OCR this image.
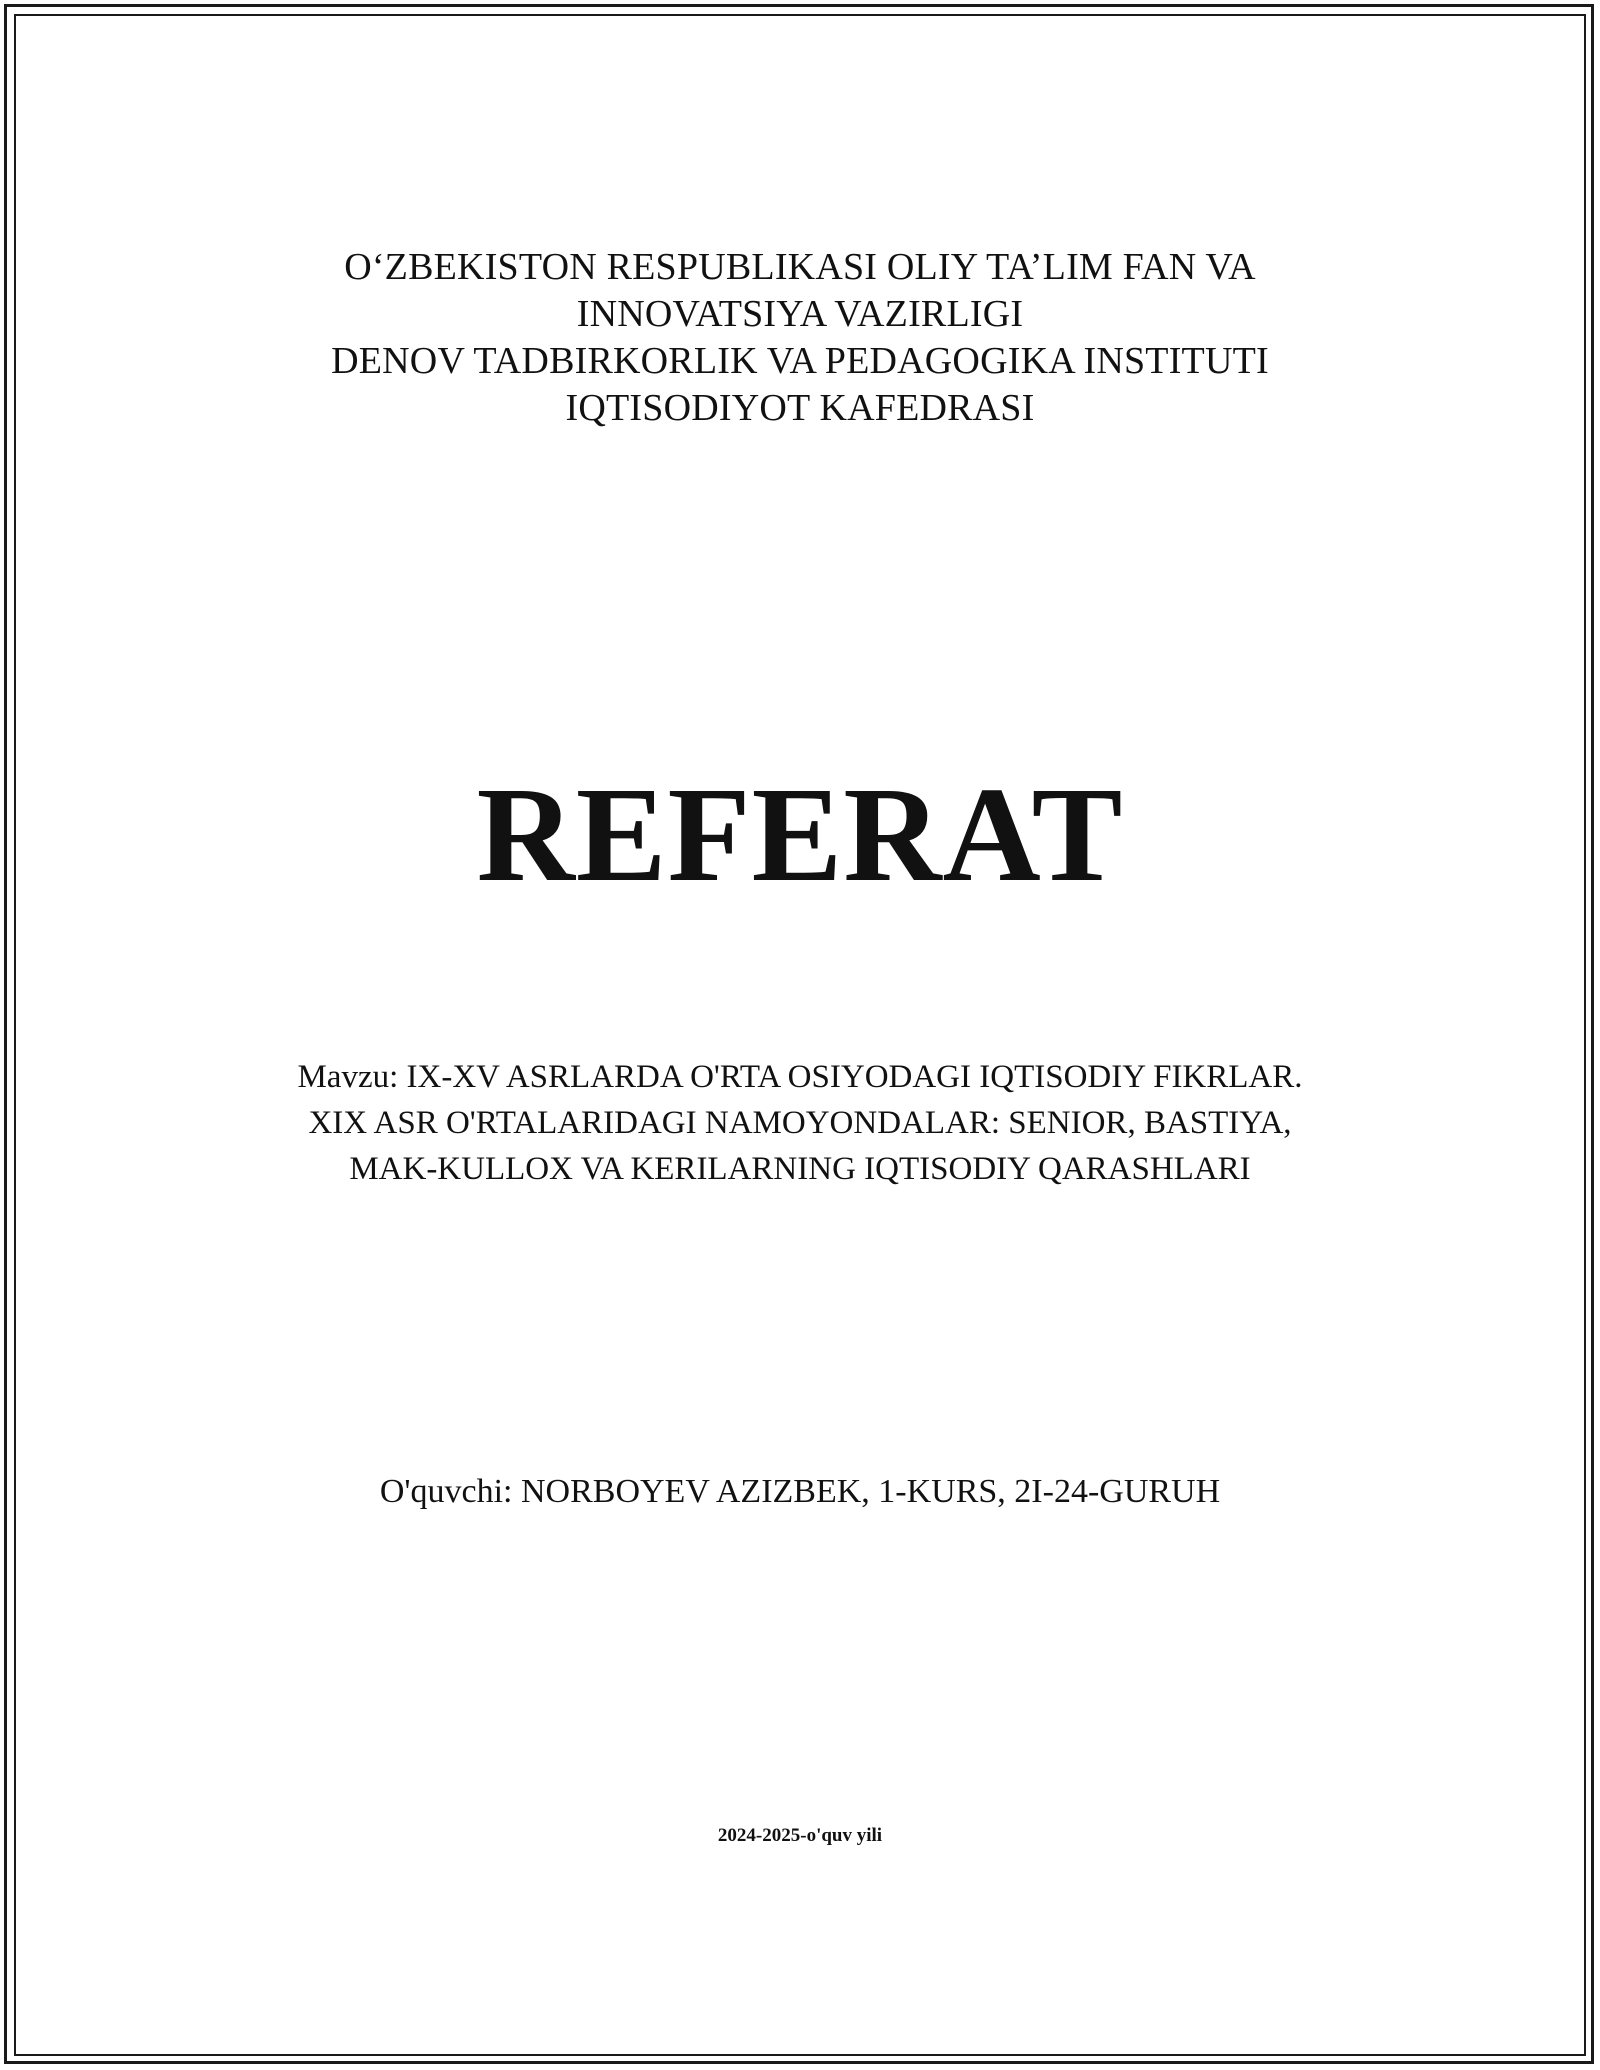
O‘ZBEKISTON RESPUBLIKASI OLIY TA’LIM FAN VA
INNOVATSIYA VAZIRLIGI
DENOV TADBIRKORLIK VA PEDAGOGIKA INSTITUTI
IQTISODIYOT KAFEDRASI
REFERAT
Mavzu: IX-XV ASRLARDA O'RTA OSIYODAGI IQTISODIY FIKRLAR.
XIX ASR O'RTALARIDAGI NAMOYONDALAR: SENIOR, BASTIYA,
MAK-KULLOX VA KERILARNING IQTISODIY QARASHLARI
O'quvchi: NORBOYEV AZIZBEK, 1-KURS, 2I-24-GURUH
2024-2025-o'quv yili
